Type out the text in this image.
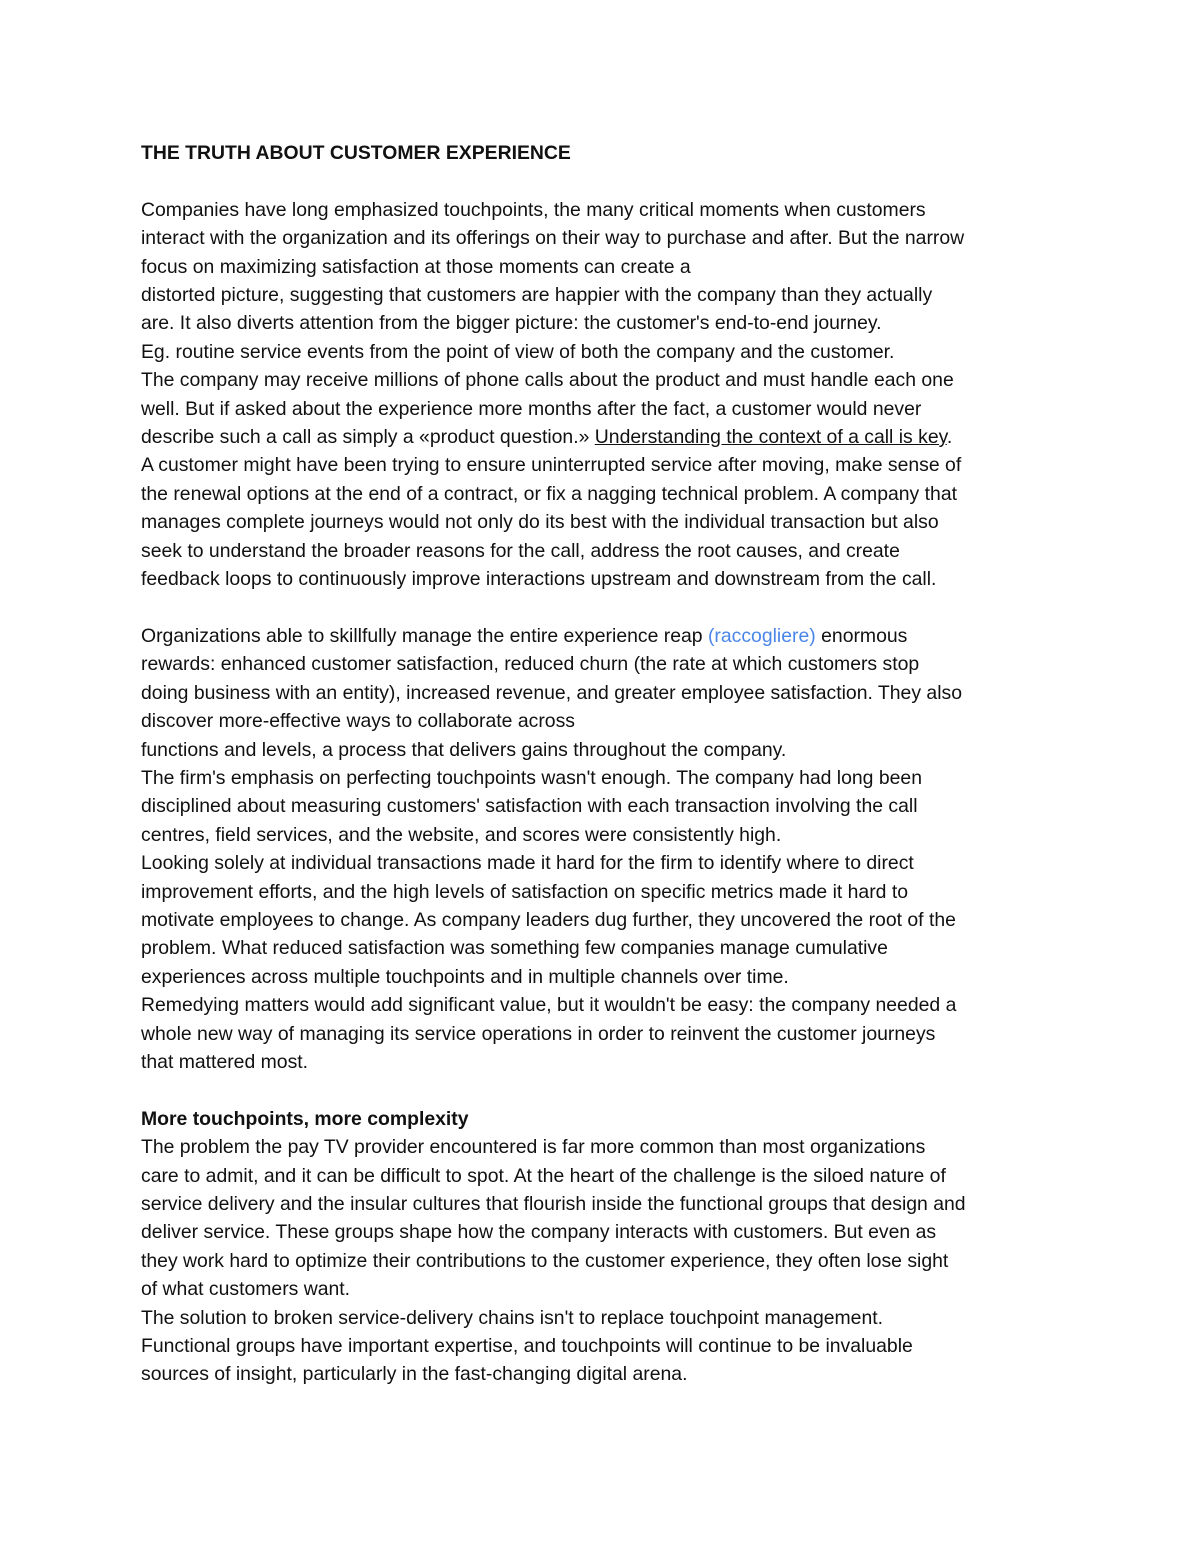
THE TRUTH ABOUT CUSTOMER EXPERIENCE

Companies have long emphasized touchpoints, the many critical moments when customers
interact with the organization and its offerings on their way to purchase and after. But the narrow
focus on maximizing satisfaction at those moments can create a
distorted picture, suggesting that customers are happier with the company than they actually
are. It also diverts attention from the bigger picture: the customer's end-to-end journey.
Eg. routine service events from the point of view of both the company and the customer.
The company may receive millions of phone calls about the product and must handle each one
well. But if asked about the experience more months after the fact, a customer would never
describe such a call as simply a «product question.» Understanding the context of a call is key.
A customer might have been trying to ensure uninterrupted service after moving, make sense of
the renewal options at the end of a contract, or fix a nagging technical problem. A company that
manages complete journeys would not only do its best with the individual transaction but also
seek to understand the broader reasons for the call, address the root causes, and create
feedback loops to continuously improve interactions upstream and downstream from the call.
Organizations able to skillfully manage the entire experience reap (raccogliere) enormous
rewards: enhanced customer satisfaction, reduced churn (the rate at which customers stop
doing business with an entity), increased revenue, and greater employee satisfaction. They also
discover more-effective ways to collaborate across
functions and levels, a process that delivers gains throughout the company.
The firm's emphasis on perfecting touchpoints wasn't enough. The company had long been
disciplined about measuring customers' satisfaction with each transaction involving the call
centres, field services, and the website, and scores were consistently high.
Looking solely at individual transactions made it hard for the firm to identify where to direct
improvement efforts, and the high levels of satisfaction on specific metrics made it hard to
motivate employees to change. As company leaders dug further, they uncovered the root of the
problem. What reduced satisfaction was something few companies manage cumulative
experiences across multiple touchpoints and in multiple channels over time.
Remedying matters would add significant value, but it wouldn't be easy: the company needed a
whole new way of managing its service operations in order to reinvent the customer journeys
that mattered most.
More touchpoints, more complexity
The problem the pay TV provider encountered is far more common than most organizations
care to admit, and it can be difficult to spot. At the heart of the challenge is the siloed nature of
service delivery and the insular cultures that flourish inside the functional groups that design and
deliver service. These groups shape how the company interacts with customers. But even as
they work hard to optimize their contributions to the customer experience, they often lose sight
of what customers want.
The solution to broken service-delivery chains isn't to replace touchpoint management.
Functional groups have important expertise, and touchpoints will continue to be invaluable
sources of insight, particularly in the fast-changing digital arena.
